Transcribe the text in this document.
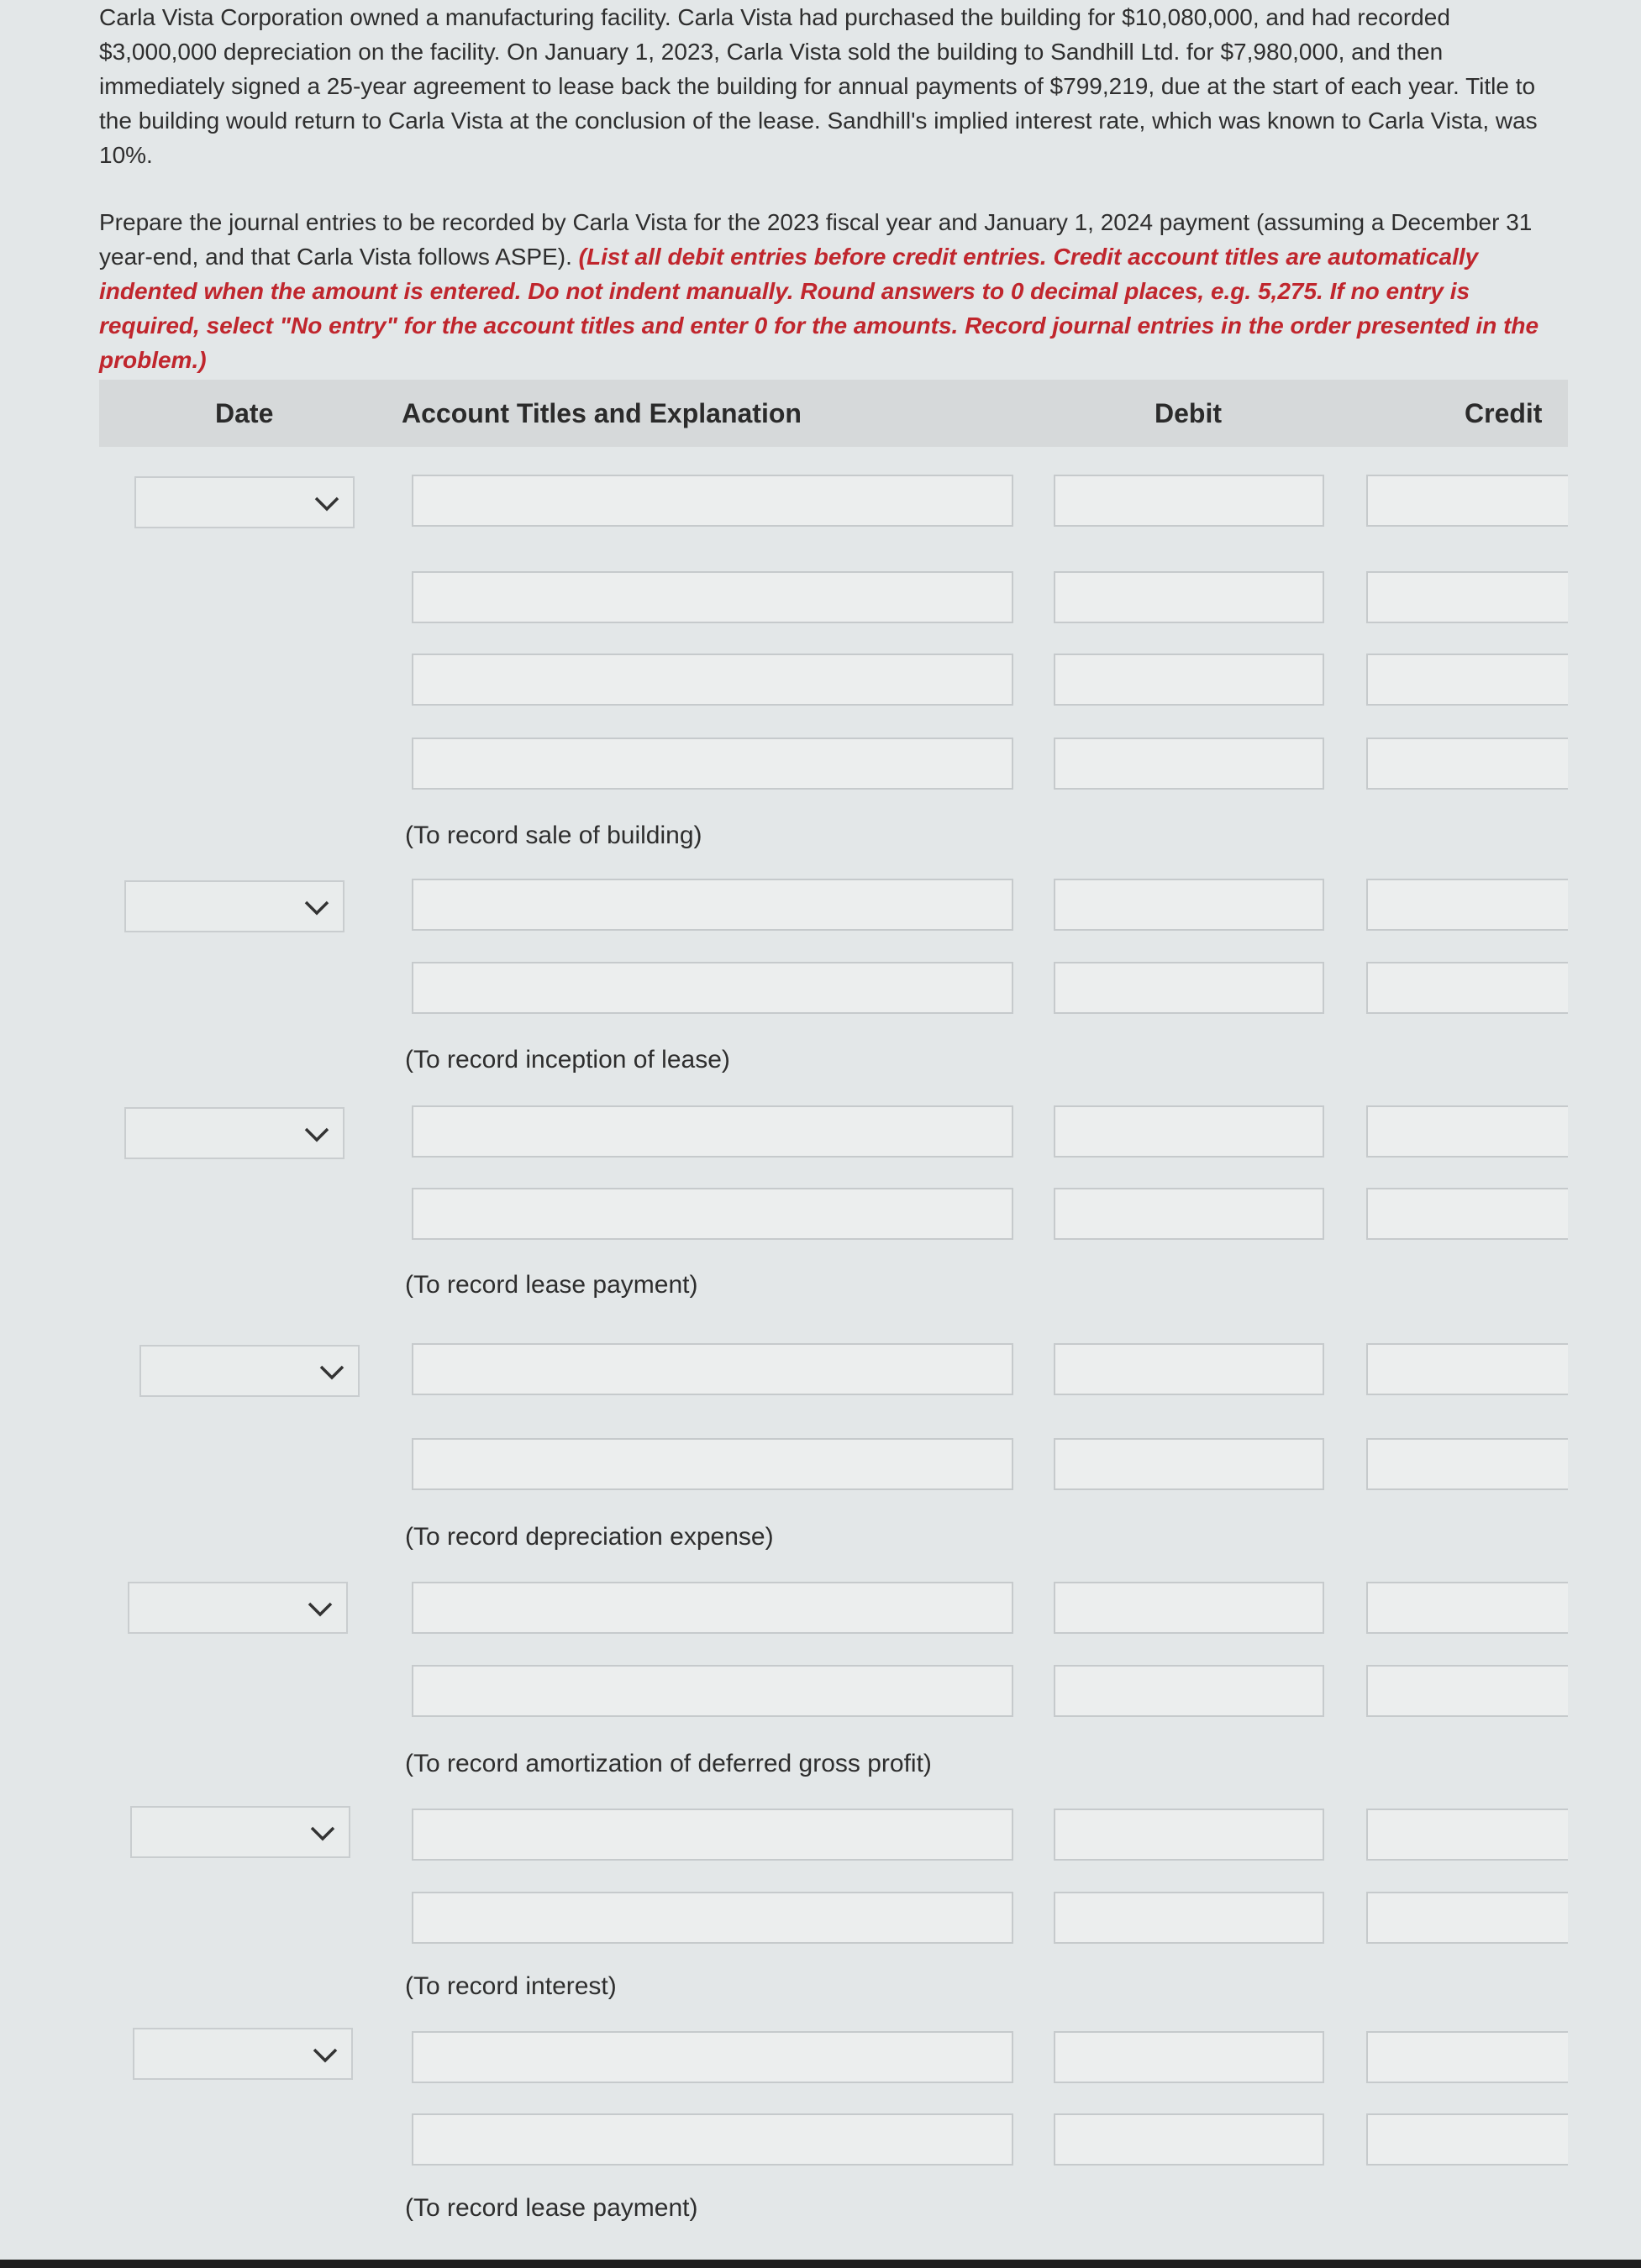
Carla Vista Corporation owned a manufacturing facility. Carla Vista had purchased the building for $10,080,000, and had recorded $3,000,000 depreciation on the facility. On January 1, 2023, Carla Vista sold the building to Sandhill Ltd. for $7,980,000, and then immediately signed a 25-year agreement to lease back the building for annual payments of $799,219, due at the start of each year. Title to the building would return to Carla Vista at the conclusion of the lease. Sandhill's implied interest rate, which was known to Carla Vista, was 10%.

Prepare the journal entries to be recorded by Carla Vista for the 2023 fiscal year and January 1, 2024 payment (assuming a December 31 year-end, and that Carla Vista follows ASPE). (List all debit entries before credit entries. Credit account titles are automatically indented when the amount is entered. Do not indent manually. Round answers to 0 decimal places, e.g. 5,275. If no entry is required, select "No entry" for the account titles and enter 0 for the amounts. Record journal entries in the order presented in the problem.)

Date	Account Titles and Explanation	Debit	Credit
(To record sale of building)
(To record inception of lease)
(To record lease payment)
(To record depreciation expense)
(To record amortization of deferred gross profit)
(To record interest)
(To record lease payment)
